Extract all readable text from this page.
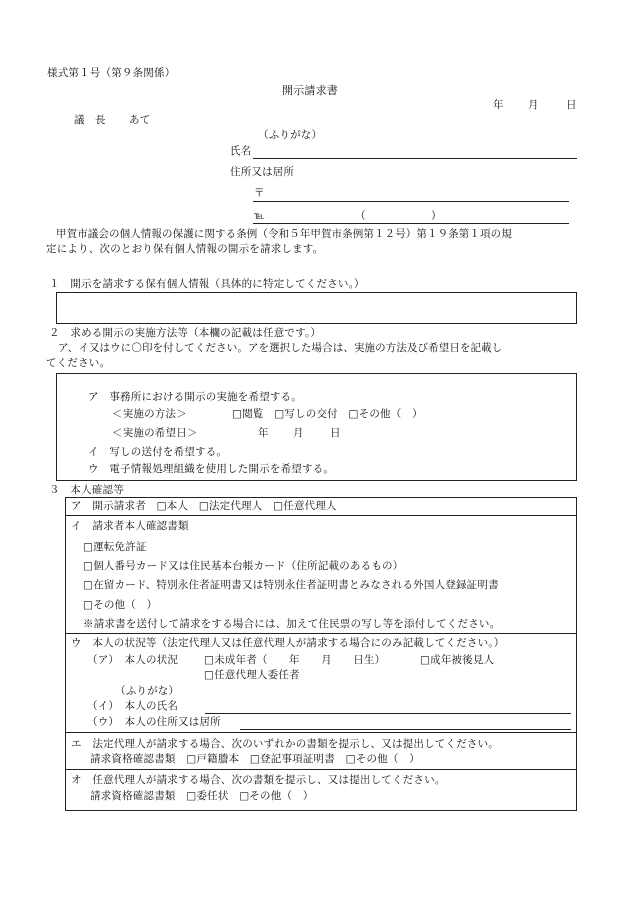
様式第１号（第９条関係）
開示請求書
年 月	日
議 長 あて
（ふりがな）
氏名
住所又は居所
〒
℡	（	）
甲賀市議会の個人情報の保護に関する条例（令和５年甲賀市条例第１２号）第１９条第１項の規
定により、次のとおり保有個人情報の開示を請求します。
１　開示を請求する保有個人情報（具体的に特定してください。）
２　求める開示の実施方法等（本欄の記載は任意です。）
ア、イ又はウに〇印を付してください。アを選択した場合は、実施の方法及び希望日を記載し
てください。
ア　事務所における開示の実施を希望する。
＜実施の方法＞	□閲覧　□写しの交付　□その他（　）
＜実施の希望日＞	年 月	日
イ　写しの送付を希望する。
ウ　電子情報処理組織を使用した開示を希望する。
３　本人確認等
ア　開示請求者　□本人　□法定代理人　□任意代理人
イ　請求者本人確認書類
□運転免許証
□個人番号カード又は住民基本台帳カード（住所記載のあるもの）
□在留カード、特別永住者証明書又は特別永住者証明書とみなされる外国人登録証明書
□その他（　）
※請求書を送付して請求をする場合には、加えて住民票の写し等を添付してください。
ウ　本人の状況等（法定代理人又は任意代理人が請求する場合にのみ記載してください。）
（ア）　本人の状況 □未成年者（　　年　　月　　日生）	□成年被後見人
□任意代理人委任者
（ふりがな）
（イ）　本人の氏名
（ウ）　本人の住所又は居所
エ　法定代理人が請求する場合、次のいずれかの書類を提示し、又は提出してください。
請求資格確認書類　□戸籍謄本　□登記事項証明書　□その他（　）
オ　任意代理人が請求する場合、次の書類を提示し、又は提出してください。
請求資格確認書類　□委任状　□その他（　）
